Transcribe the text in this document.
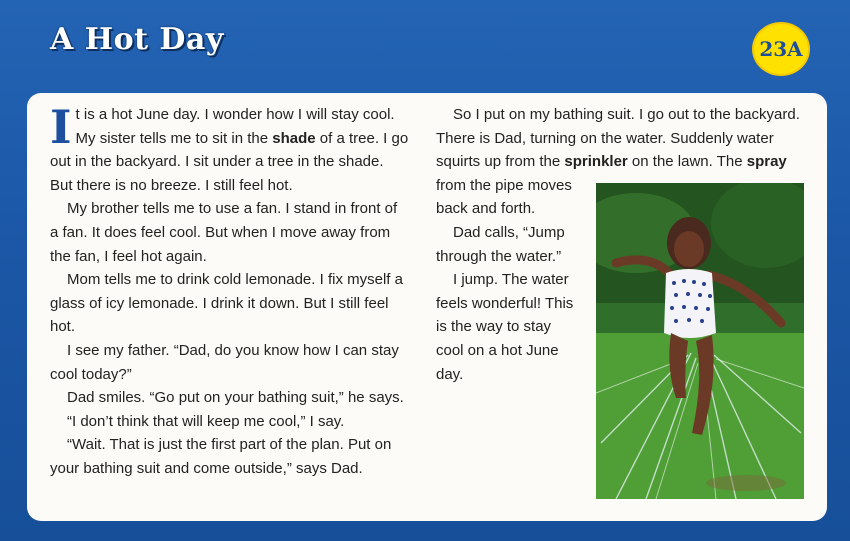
A Hot Day	23A
I t is a hot June day. I wonder how I will stay cool.
My sister tells me to sit in the shade of a tree. I go
out in the backyard. I sit under a tree in the shade.
But there is no breeze. I still feel hot.
My brother tells me to use a fan. I stand in front of
a fan. It does feel cool. But when I move away from
the fan, I feel hot again.
Mom tells me to drink cold lemonade. I fix myself a
glass of icy lemonade. I drink it down. But I still feel
hot.
I see my father. “Dad, do you know how I can stay
cool today?”
Dad smiles. “Go put on your bathing suit,” he says.
“I don’t think that will keep me cool,” I say.
“Wait. That is just the first part of the plan. Put on
your bathing suit and come outside,” says Dad.
So I put on my bathing suit. I go out to the backyard.
There is Dad, turning on the water. Suddenly water
squirts up from the sprinkler on the lawn. The spray
from the pipe moves
back and forth.
Dad calls, “Jump
through the water.”
I jump. The water
feels wonderful! This
is the way to stay
cool on a hot June
day.
